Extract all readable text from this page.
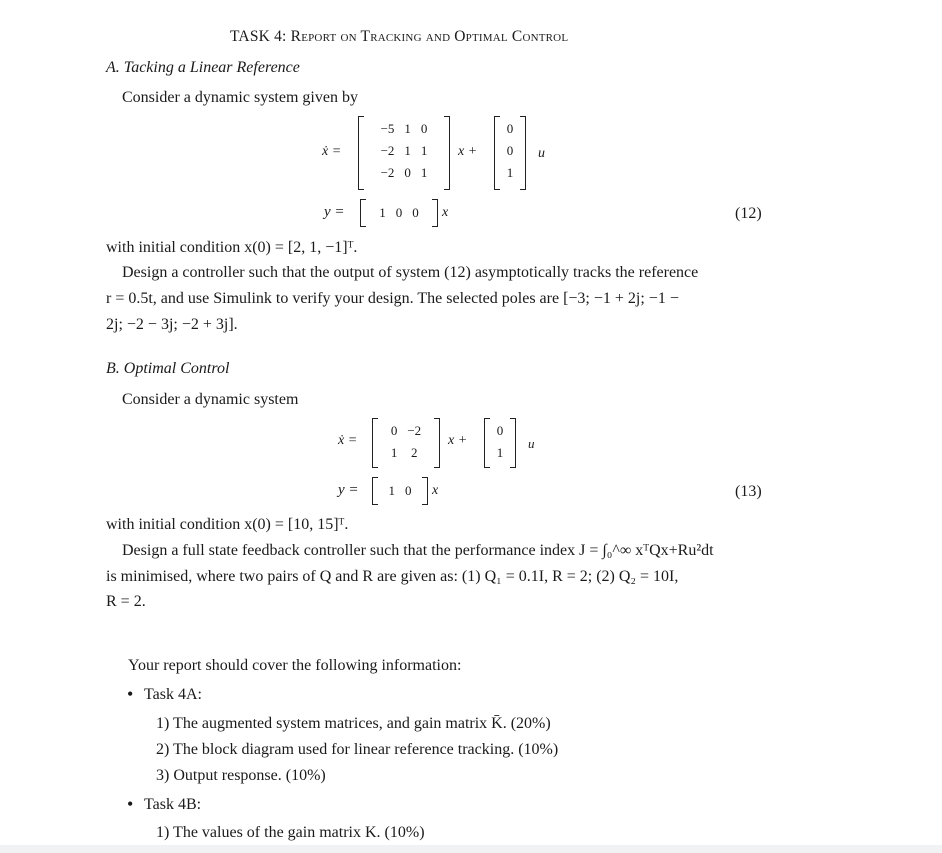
TASK 4: Report on Tracking and Optimal Control
A. Tacking a Linear Reference
Consider a dynamic system given by
ẋ =
−5	1	0
−2	1	1
−2	0	1
x +
0
0
1
u
y =	1	0	0 x	(12)
with initial condition x(0) = [2, 1, −1]ᵀ.
Design a controller such that the output of system (12) asymptotically tracks the reference
r = 0.5t, and use Simulink to verify your design. The selected poles are [−3; −1 + 2j; −1 −
2j; −2 − 3j; −2 + 3j].
B. Optimal Control
Consider a dynamic system
ẋ =
0	−2
1	2
x +
0
1
u
y = 1	0 x	(13)
with initial condition x(0) = [10, 15]ᵀ.
Design a full state feedback controller such that the performance index J = ∫₀^∞ xᵀQx+Ru²dt
is minimised, where two pairs of Q and R are given as: (1) Q₁ = 0.1I, R = 2; (2) Q₂ = 10I,
R = 2.
Your report should cover the following information:
• Task 4A:
1) The augmented system matrices, and gain matrix K̄. (20%)
2) The block diagram used for linear reference tracking. (10%)
3) Output response. (10%)
• Task 4B:
1) The values of the gain matrix K. (10%)
